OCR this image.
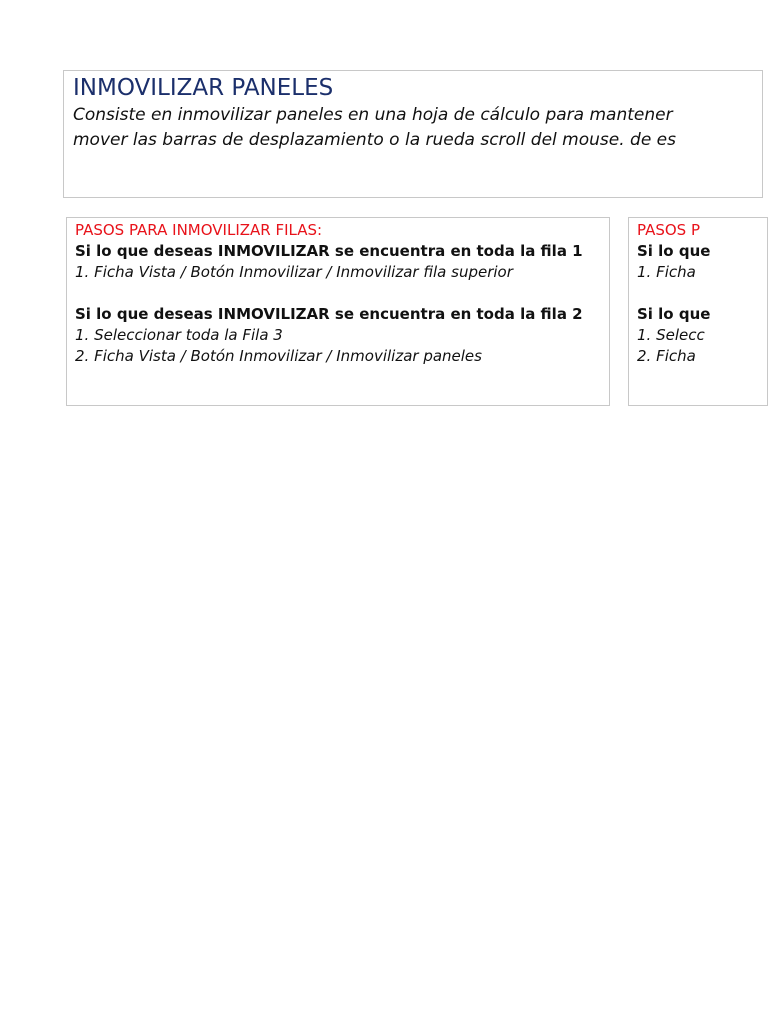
INMOVILIZAR PANELES

Consiste en inmovilizar paneles en una hoja de cálculo para mantener

mover las barras de desplazamiento o la rueda scroll del mouse. de es

PASOS PARA INMOVILIZAR FILAS:
Si lo que deseas INMOVILIZAR se encuentra en toda la fila 1
1. Ficha Vista / Botón Inmovilizar / Inmovilizar fila superior
Si lo que deseas INMOVILIZAR se encuentra en toda la fila 2
1. Seleccionar toda la Fila 3
2. Ficha Vista / Botón Inmovilizar / Inmovilizar paneles
PASOS P
Si lo que
1. Ficha
Si lo que
1. Selecc
2. Ficha
